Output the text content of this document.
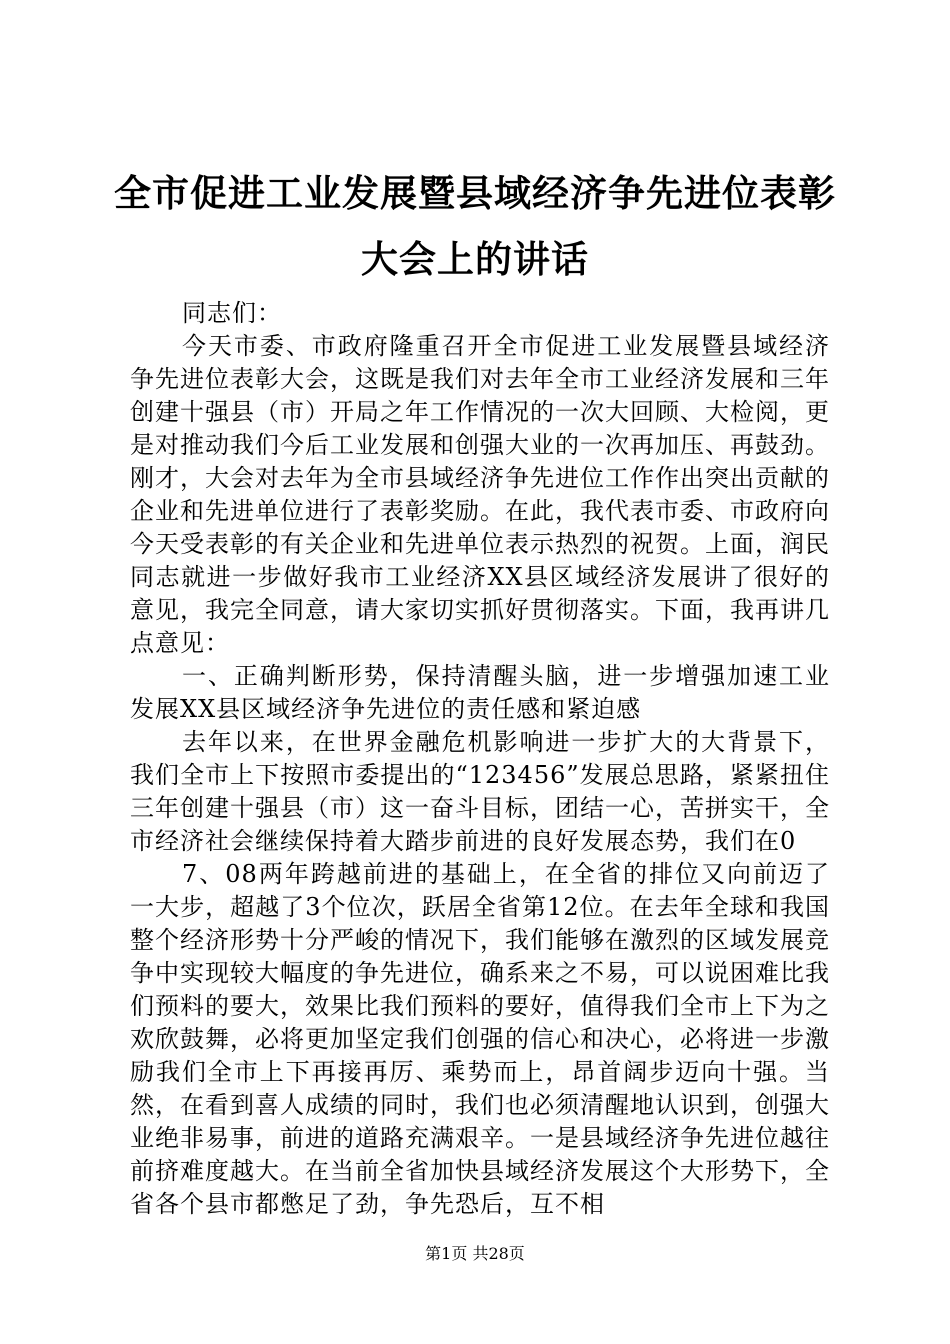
全市促进工业发展暨县域经济争先进位表彰大会上的讲话

同志们：

今天市委、市政府隆重召开全市促进工业发展暨县域经济争先进位表彰大会，这既是我们对去年全市工业经济发展和三年创建十强县（市）开局之年工作情况的一次大回顾、大检阅，更是对推动我们今后工业发展和创强大业的一次再加压、再鼓劲。刚才，大会对去年为全市县域经济争先进位工作作出突出贡献的企业和先进单位进行了表彰奖励。在此，我代表市委、市政府向今天受表彰的有关企业和先进单位表示热烈的祝贺。上面，润民同志就进一步做好我市工业经济XX县区域经济发展讲了很好的意见，我完全同意，请大家切实抓好贯彻落实。下面，我再讲几点意见：

一、正确判断形势，保持清醒头脑，进一步增强加速工业发展XX县区域经济争先进位的责任感和紧迫感

去年以来，在世界金融危机影响进一步扩大的大背景下，我们全市上下按照市委提出的“123456”发展总思路，紧紧扭住三年创建十强县（市）这一奋斗目标，团结一心，苦拼实干，全市经济社会继续保持着大踏步前进的良好发展态势，我们在0

7、08两年跨越前进的基础上，在全省的排位又向前迈了一大步，超越了3个位次，跃居全省第12位。在去年全球和我国整个经济形势十分严峻的情况下，我们能够在激烈的区域发展竞争中实现较大幅度的争先进位，确系来之不易，可以说困难比我们预料的要大，效果比我们预料的要好，值得我们全市上下为之欢欣鼓舞，必将更加坚定我们创强的信心和决心，必将进一步激励我们全市上下再接再厉、乘势而上，昂首阔步迈向十强。当然，在看到喜人成绩的同时，我们也必须清醒地认识到，创强大业绝非易事，前进的道路充满艰辛。一是县域经济争先进位越往前挤难度越大。在当前全省加快县域经济发展这个大形势下，全省各个县市都憋足了劲，争先恐后，互不相

第1页 共28页
